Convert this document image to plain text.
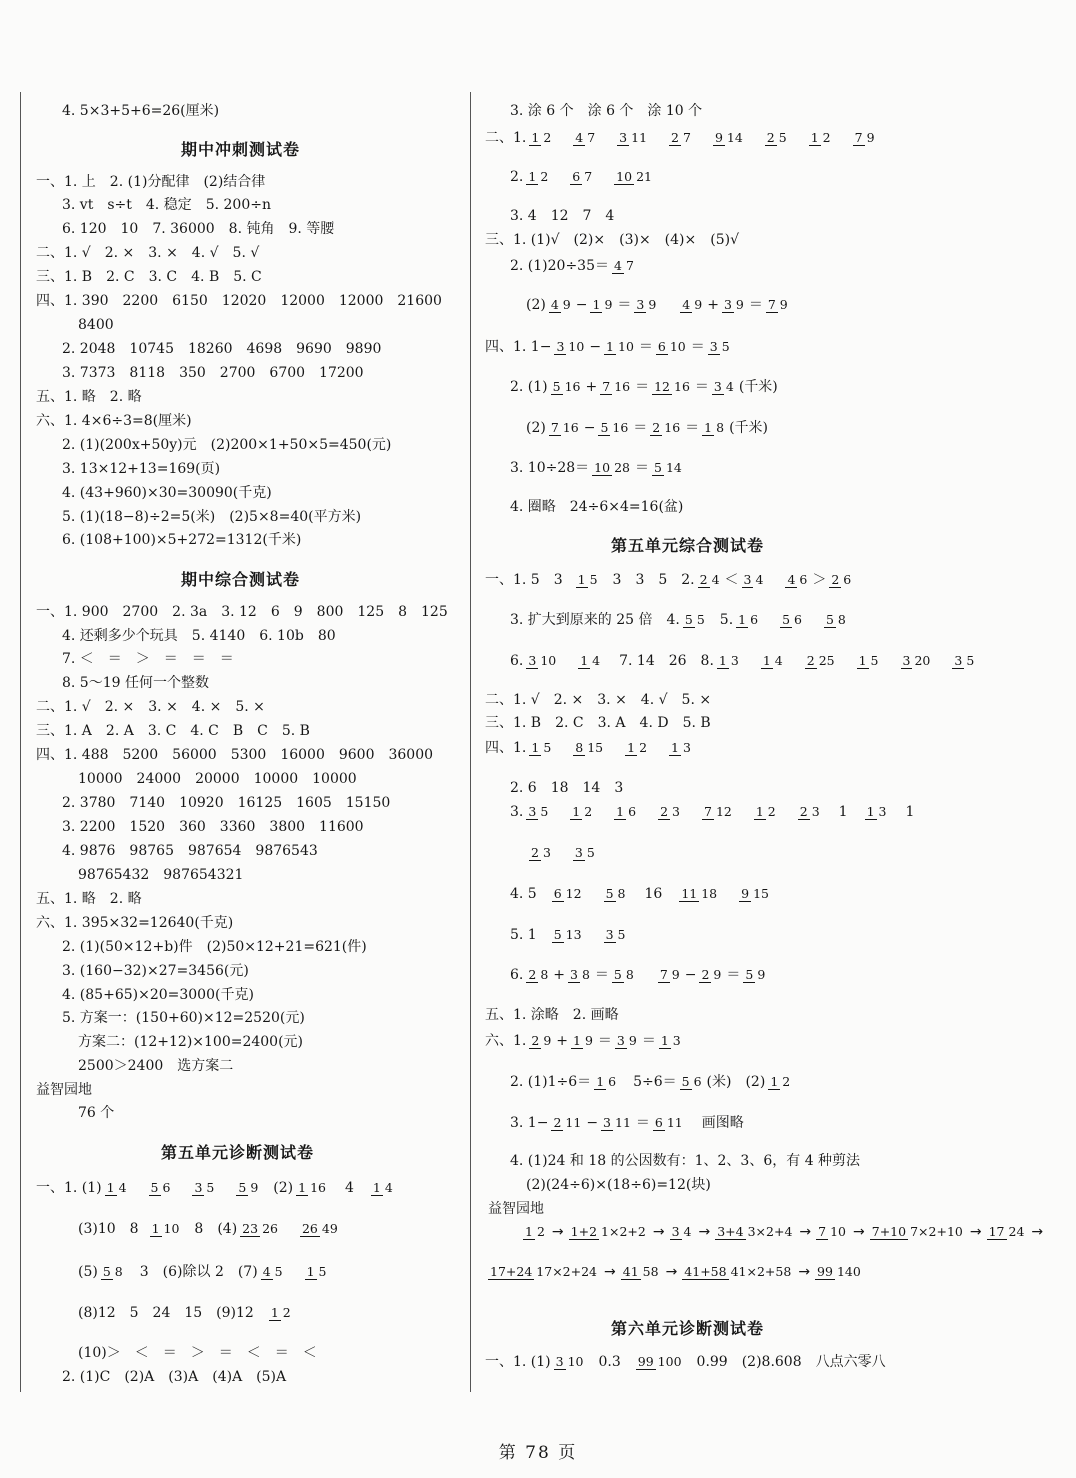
4. 5×3+5+6=26(厘米)
期中冲刺测试卷
一、1. 上　2. (1)分配律　(2)结合律
3. vt　s÷t　4. 稳定　5. 200÷n
6. 120　10　7. 36000　8. 钝角　9. 等腰
二、1. √　2. ×　3. ×　4. √　5. √
三、1. B　2. C　3. C　4. B　5. C
四、1. 390　2200　6150　12020　12000　12000　21600
8400
2. 2048　10745　18260　4698　9690　9890
3. 7373　8118　350　2700　6700　17200
五、1. 略　2. 略
六、1. 4×6÷3=8(厘米)
2. (1)(200x+50y)元　(2)200×1+50×5=450(元)
3. 13×12+13=169(页)
4. (43+960)×30=30090(千克)
5. (1)(18−8)÷2=5(米)　(2)5×8=40(平方米)
6. (108+100)×5+272=1312(千米)
期中综合测试卷
一、1. 900　2700　2. 3a　3. 12　6　9　800　125　8　125
4. 还剩多少个玩具　5. 4140　6. 10b　80
7. ＜　＝　＞　＝　＝　＝
8. 5～19 任何一个整数
二、1. √　2. ×　3. ×　4. ×　5. ×
三、1. A　2. A　3. C　4. C　B　C　5. B
四、1. 488　5200　56000　5300　16000　9600　36000
10000　24000　20000　10000　10000
2. 3780　7140　10920　16125　1605　15150
3. 2200　1520　360　3360　3800　11600
4. 9876　98765　987654　9876543
98765432　987654321
五、1. 略　2. 略
六、1. 395×32=12640(千克)
2. (1)(50×12+b)件　(2)50×12+21=621(件)
3. (160−32)×27=3456(元)
4. (85+65)×20=3000(千克)
5. 方案一：(150+60)×12=2520(元)
方案二：(12+12)×100=2400(元)
2500＞2400　选方案二
益智园地
76 个
第五单元诊断测试卷
一、1. (1) 1 4 5 6 3 5 5 9 (2) 1 16 4 1 4
(3)10　8 1 10 8　(4) 23 26 26 49
(5) 5 8 3　(6)除以 2　(7) 4 5 1 5
(8)12　5　24　15　(9)12 1 2
(10)＞　＜　＝　＞　＝　＜　＝　＜
2. (1)C　(2)A　(3)A　(4)A　(5)A
3. 涂 6 个　涂 6 个　涂 10 个
二、1. 1 2 4 7 3 11 2 7 9 14 2 5 1 2 7 9
2. 1 2 6 7 10 21
3. 4　12　7　4
三、1. (1)√　(2)×　(3)×　(4)×　(5)√
2. (1)20÷35＝ 4 7
(2) 4 9 − 1 9 ＝ 3 9 4 9 + 3 9 ＝ 7 9
四、1. 1− 3 10 − 1 10 ＝ 6 10 ＝ 3 5
2. (1) 5 16 + 7 16 ＝ 12 16 ＝ 3 4 (千米)
(2) 7 16 − 5 16 ＝ 2 16 ＝ 1 8 (千米)
3. 10÷28＝ 10 28 ＝ 5 14
4. 圈略　24÷6×4=16(盆)
第五单元综合测试卷
一、1. 5　3 1 5 3　3　5　2. 2 4 ＜ 3 4 4 6 ＞ 2 6
3. 扩大到原来的 25 倍　4. 5 5 5. 1 6 5 6 5 8
6. 3 10 1 4 7. 14　26　8. 1 3 1 4 2 25 1 5 3 20 3 5
二、1. √　2. ×　3. ×　4. √　5. ×
三、1. B　2. C　3. A　4. D　5. B
四、1. 1 5 8 15 1 2 1 3
2. 6　18　14　3
3. 3 5 1 2 1 6 2 3 7 12 1 2 2 3 1 1 3 1
2 3 3 5
4. 5 6 12 5 8 16 11 18 9 15
5. 1 5 13 3 5
6. 2 8 + 3 8 ＝ 5 8 7 9 − 2 9 ＝ 5 9
五、1. 涂略　2. 画略
六、1. 2 9 + 1 9 ＝ 3 9 ＝ 1 3
2. (1)1÷6＝ 1 6 5÷6＝ 5 6 (米)　(2) 1 2
3. 1− 2 11 − 3 11 ＝ 6 11 画图略
4. (1)24 和 18 的公因数有：1、2、3、6，有 4 种剪法
(2)(24÷6)×(18÷6)=12(块)
益智园地
1 2 → 1+2 1×2+2 → 3 4 → 3+4 3×2+4 → 7 10 → 7+10 7×2+10 → 17 24 →
17+24 17×2+24 → 41 58 → 41+58 41×2+58 → 99 140
第六单元诊断测试卷
一、1. (1) 3 10 0.3 99 100 0.99　(2)8.608　八点六零八
第 78 页
